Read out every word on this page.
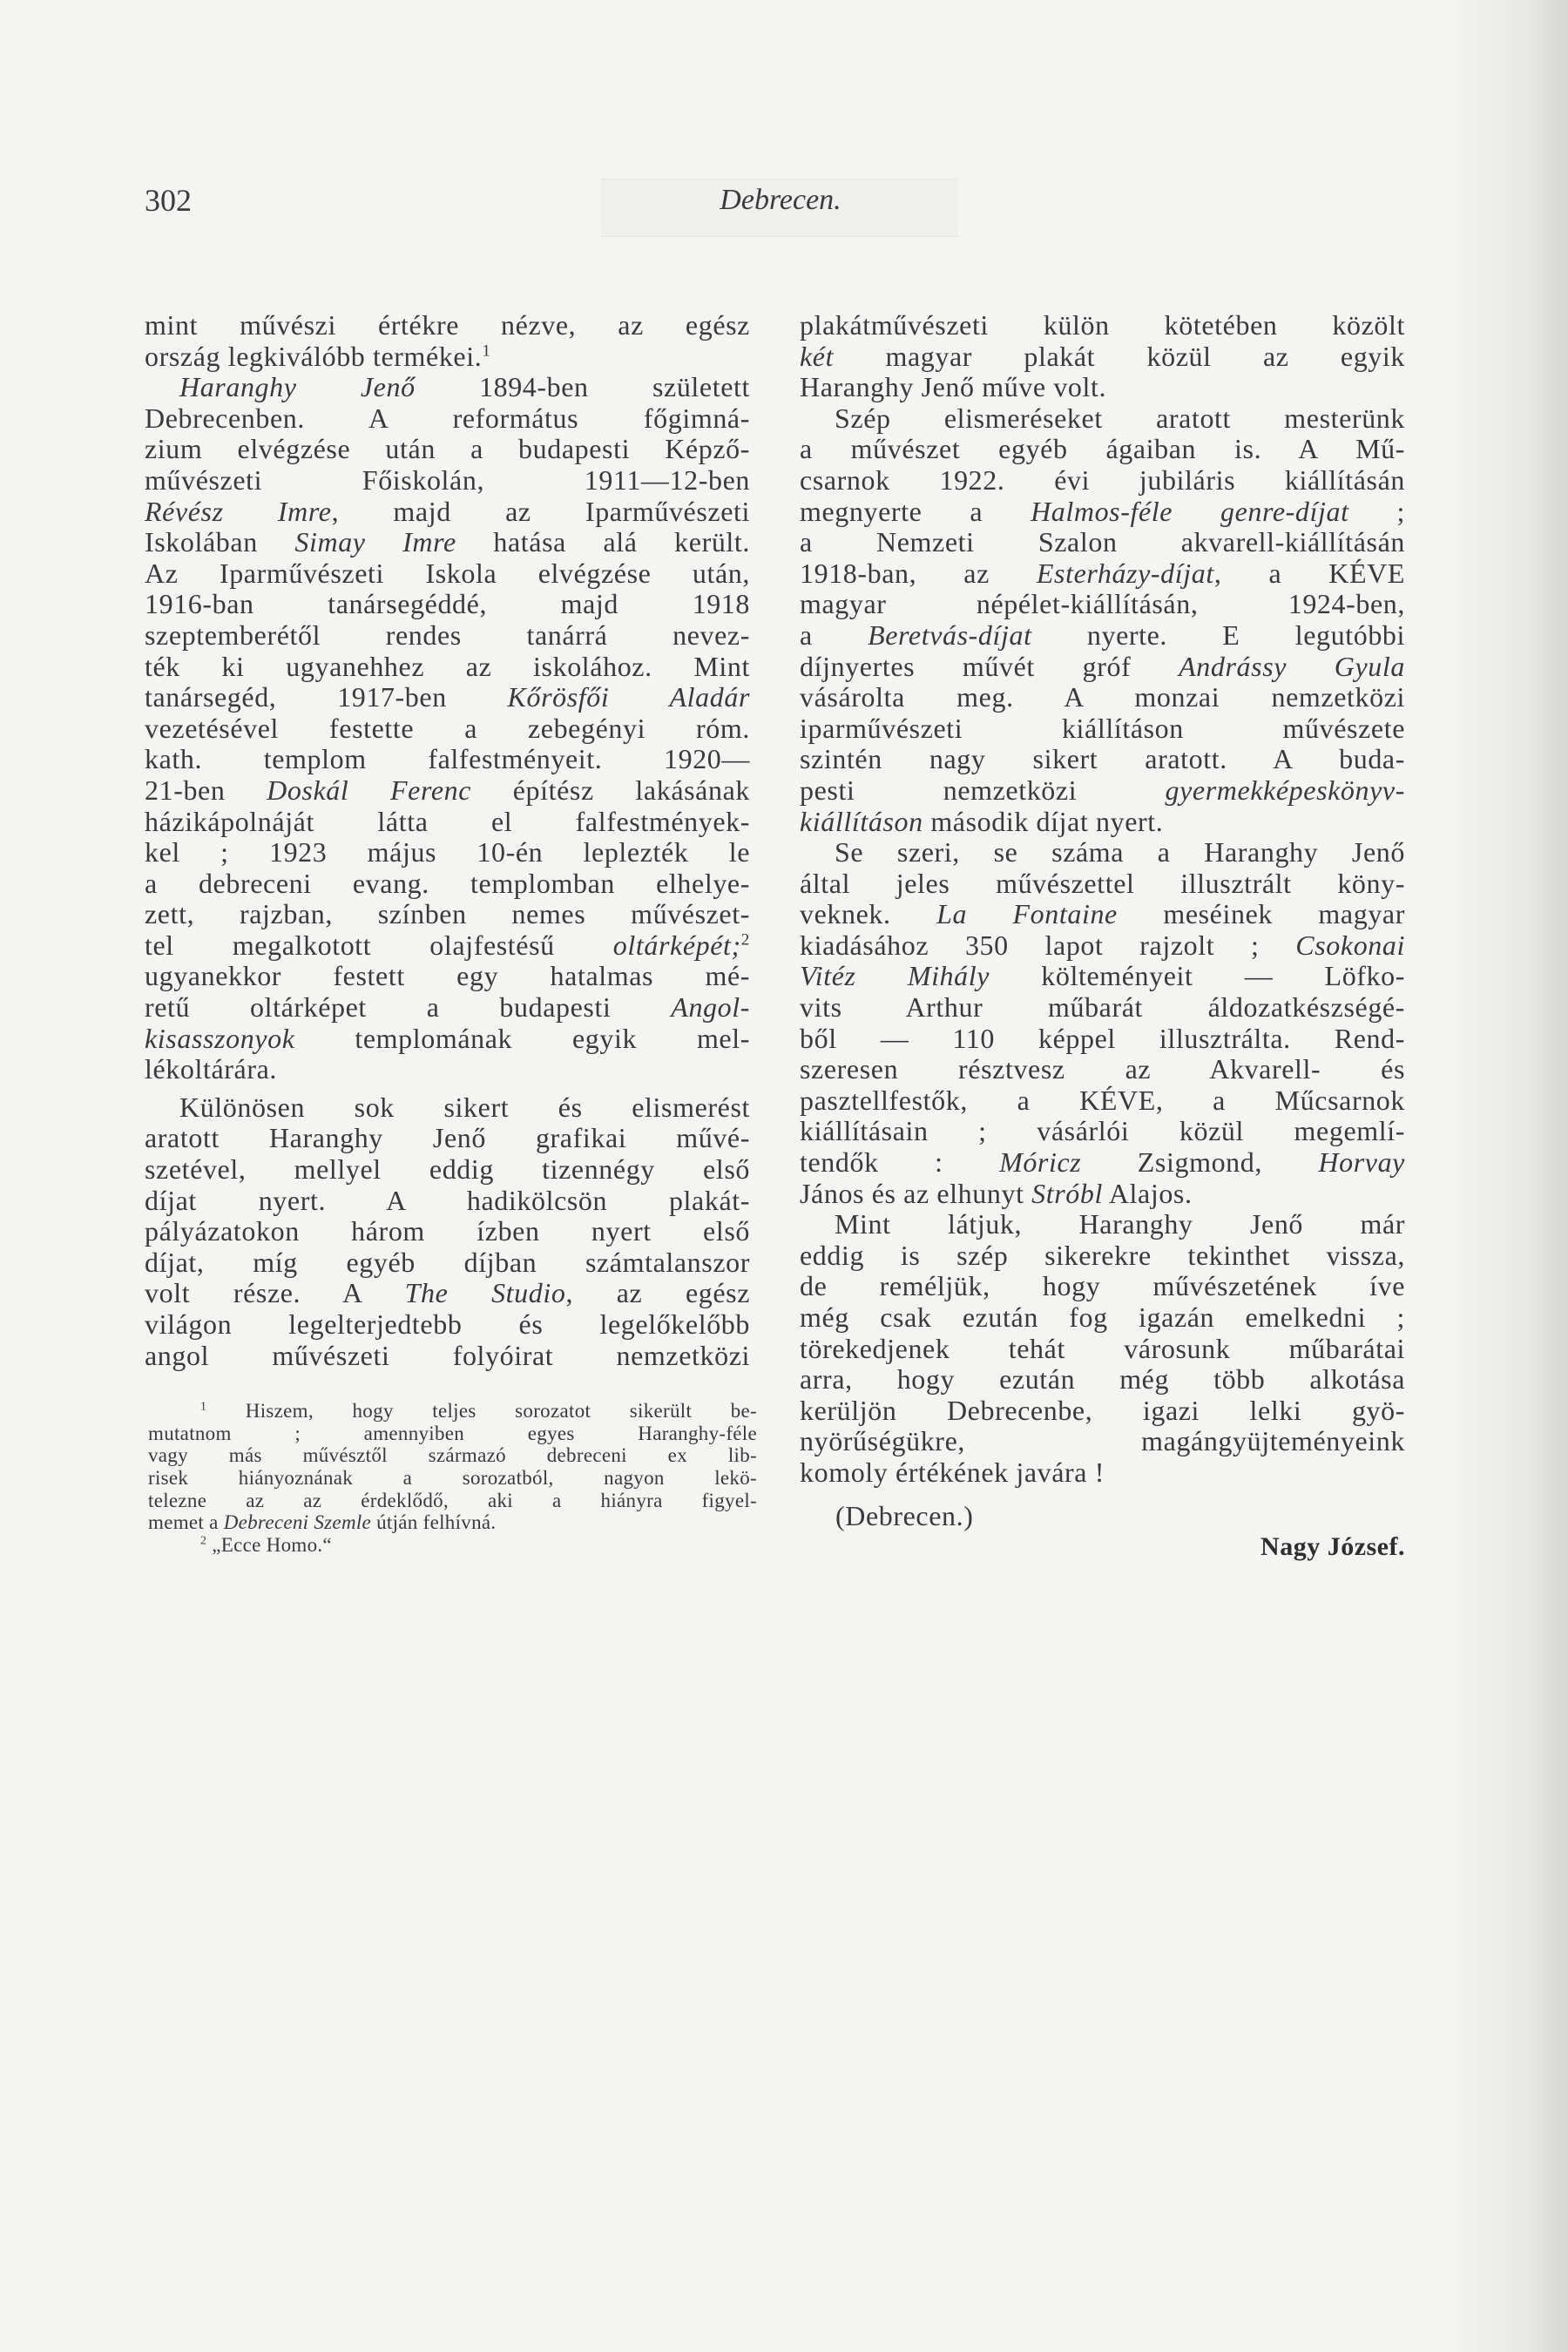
302	Debrecen.
mint művészi értékre nézve, az egész
ország legkiválóbb termékei.$^1$
Haranghy Jenő 1894-ben született
Debrecenben. A református főgimná-
zium elvégzése után a budapesti Képző-
művészeti Főiskolán, 1911—12-ben
Révész Imre, majd az Iparművészeti
Iskolában Simay Imre hatása alá került.
Az Iparművészeti Iskola elvégzése után,
1916-ban tanársegéddé, majd 1918
szeptemberétől rendes tanárrá nevez-
ték ki ugyanehhez az iskolához. Mint
tanársegéd, 1917-ben Kőrösfői Aladár
vezetésével festette a zebegényi róm.
kath. templom falfestményeit. 1920—
21-ben Doskál Ferenc építész lakásának
házikápolnáját látta el falfestmények-
kel ; 1923 május 10-én leplezték le
a debreceni evang. templomban elhelye-
zett, rajzban, színben nemes művészet-
tel megalkotott olajfestésű oltárképét;$^2$
ugyanekkor festett egy hatalmas mé-
retű oltárképet a budapesti Angol-
kisasszonyok templomának egyik mel-
lékoltárára.
Különösen sok sikert és elismerést
aratott Haranghy Jenő grafikai művé-
szetével, mellyel eddig tizennégy első
díjat nyert. A hadikölcsön plakát-
pályázatokon három ízben nyert első
díjat, míg egyéb díjban számtalanszor
volt része. A The Studio, az egész
világon legelterjedtebb és legelőkelőbb
angol művészeti folyóirat nemzetközi
plakátművészeti külön kötetében közölt
két magyar plakát közül az egyik
Haranghy Jenő műve volt.
Szép elismeréseket aratott mesterünk
a művészet egyéb ágaiban is. A Mű-
csarnok 1922. évi jubiláris kiállításán
megnyerte a Halmos-féle genre-díjat ;
a Nemzeti Szalon akvarell-kiállításán
1918-ban, az Esterházy-díjat, a KÉVE
magyar népélet-kiállításán, 1924-ben,
a Beretvás-díjat nyerte. E legutóbbi
díjnyertes művét gróf Andrássy Gyula
vásárolta meg. A monzai nemzetközi
iparművészeti kiállításon művészete
szintén nagy sikert aratott. A buda-
pesti nemzetközi gyermekképeskönyv-
kiállításon második díjat nyert.
Se szeri, se száma a Haranghy Jenő
által jeles művészettel illusztrált köny-
veknek. La Fontaine meséinek magyar
kiadásához 350 lapot rajzolt ; Csokonai
Vitéz Mihály költeményeit — Löfko-
vits Arthur műbarát áldozatkészségé-
ből — 110 képpel illusztrálta. Rend-
szeresen résztvesz az Akvarell- és
pasztellfestők, a KÉVE, a Műcsarnok
kiállításain ; vásárlói közül megemlí-
tendők : Móricz Zsigmond, Horvay
János és az elhunyt Stróbl Alajos.
Mint látjuk, Haranghy Jenő már
eddig is szép sikerekre tekinthet vissza,
de reméljük, hogy művészetének íve
még csak ezután fog igazán emelkedni ;
törekedjenek tehát városunk műbarátai
arra, hogy ezután még több alkotása
kerüljön Debrecenbe, igazi lelki gyö-
nyörűségükre, magángyüjteményeink
komoly értékének javára !
$^1$ Hiszem, hogy teljes sorozatot sikerült be-
mutatnom ; amennyiben egyes Haranghy-féle
vagy más művésztől származó debreceni ex lib-
risek hiányoznának a sorozatból, nagyon lekö-
telezne az az érdeklődő, aki a hiányra figyel-
memet a Debreceni Szemle útján felhívná.
$^2$ „Ecce Homo.“
(Debrecen.)
Nagy József.
